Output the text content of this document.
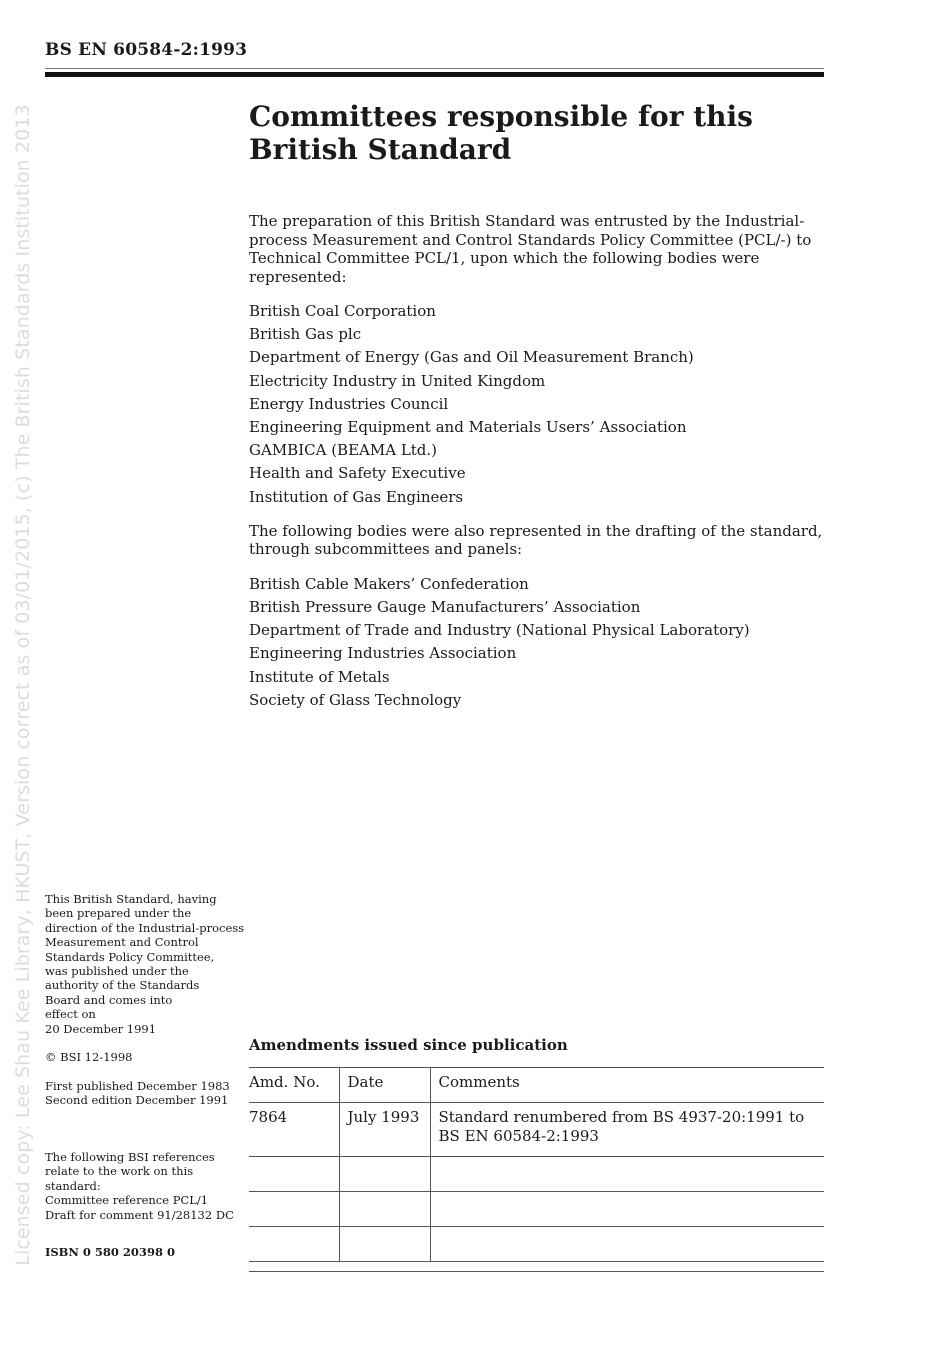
BS EN 60584-2:1993
Licensed copy: Lee Shau Kee Library, HKUST, Version correct as of 03/01/2015, (c) The British Standards Institution 2013	Committees responsible for this
British Standard

The preparation of this British Standard was entrusted by the Industrial-process Measurement and Control Standards Policy Committee (PCL/-) to Technical Committee PCL/1, upon which the following bodies were represented:

British Coal Corporation
British Gas plc
Department of Energy (Gas and Oil Measurement Branch)
Electricity Industry in United Kingdom
Energy Industries Council
Engineering Equipment and Materials Users’ Association
GAMBICA (BEAMA Ltd.)
Health and Safety Executive
Institution of Gas Engineers

The following bodies were also represented in the drafting of the standard, through subcommittees and panels:

British Cable Makers’ Confederation
British Pressure Gauge Manufacturers’ Association
Department of Trade and Industry (National Physical Laboratory)
Engineering Industries Association
Institute of Metals
Society of Glass Technology

This British Standard, having
been prepared under the
direction of the Industrial-process
Measurement and Control
Standards Policy Committee,
was published under the
authority of the Standards
Board and comes into
effect on
20 December 1991

© BSI 12-1998
First published December 1983
Second edition December 1991
The following BSI references
relate to the work on this
standard:
Committee reference PCL/1
Draft for comment 91/28132 DC
ISBN 0 580 20398 0
Amendments issued since publication
Amd. No.	Date	Comments
7864	July 1993	Standard renumbered from BS 4937-20:1991 to
BS EN 60584-2:1993
